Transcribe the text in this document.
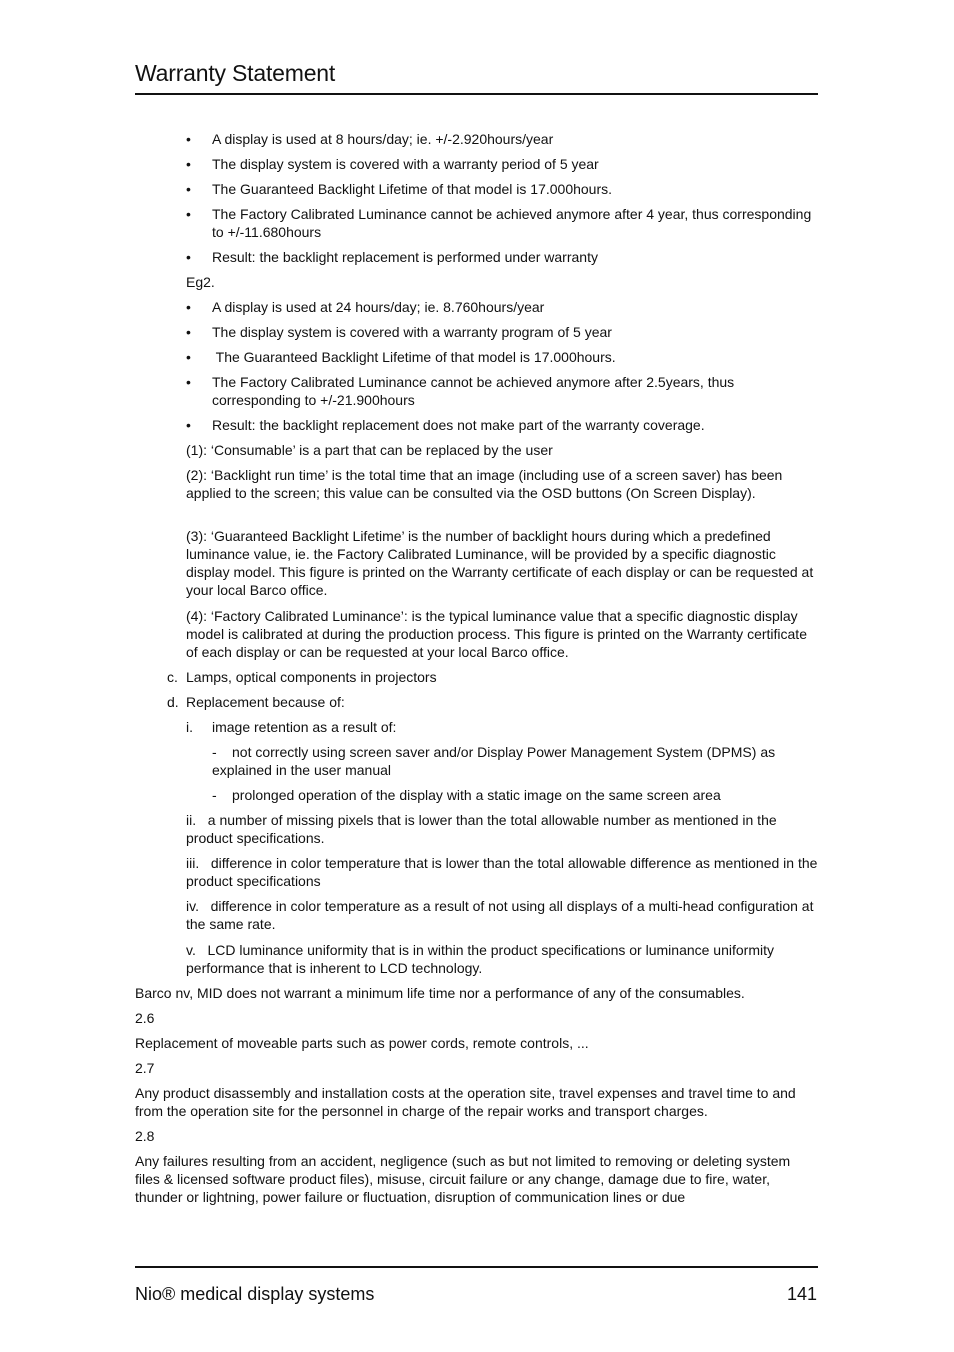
Warranty Statement
• A display is used at 8 hours/day; ie. +/-2.920hours/year
• The display system is covered with a warranty period of 5 year
• The Guaranteed Backlight Lifetime of that model is 17.000hours.
• The Factory Calibrated Luminance cannot be achieved anymore after 4 year, thus corresponding to +/-11.680hours
• Result: the backlight replacement is performed under warranty
Eg2.
• A display is used at 24 hours/day; ie. 8.760hours/year
• The display system is covered with a warranty program of 5 year
• The Guaranteed Backlight Lifetime of that model is 17.000hours.
• The Factory Calibrated Luminance cannot be achieved anymore after 2.5years, thus corresponding to +/-21.900hours
• Result: the backlight replacement does not make part of the warranty coverage.
(1): ‘Consumable’ is a part that can be replaced by the user
(2): ‘Backlight run time’ is the total time that an image (including use of a screen saver) has been applied to the screen; this value can be consulted via the OSD buttons (On Screen Display).
(3): ‘Guaranteed Backlight Lifetime’ is the number of backlight hours during which a predefined luminance value, ie. the Factory Calibrated Luminance, will be provided by a specific diagnostic display model. This figure is printed on the Warranty certificate of each display or can be requested at your local Barco office.
(4): ‘Factory Calibrated Luminance’: is the typical luminance value that a specific diagnostic display model is calibrated at during the production process. This figure is printed on the Warranty certificate of each display or can be requested at your local Barco office.
c. Lamps, optical components in projectors
d. Replacement because of:
i. image retention as a result of:
-	not correctly using screen saver and/or Display Power Management System (DPMS) as explained in the user manual
-	prolonged operation of the display with a static image on the same screen area
ii.   a number of missing pixels that is lower than the total allowable number as mentioned in the product specifications.
iii.   difference in color temperature that is lower than the total allowable difference as mentioned in the product specifications
iv.   difference in color temperature as a result of not using all displays of a multi-head configuration at the same rate.
v.   LCD luminance uniformity that is in within the product specifications or luminance uniformity performance that is inherent to LCD technology.
Barco nv, MID does not warrant a minimum life time nor a performance of any of the consumables.
2.6
Replacement of moveable parts such as power cords, remote controls, ...
2.7
Any product disassembly and installation costs at the operation site, travel expenses and travel time to and from the operation site for the personnel in charge of the repair works and transport charges.
2.8
Any failures resulting from an accident, negligence (such as but not limited to removing or deleting system files & licensed software product files), misuse, circuit failure or any change, damage due to fire, water, thunder or lightning, power failure or fluctuation, disruption of communication lines or due
Nio® medical display systems	141
